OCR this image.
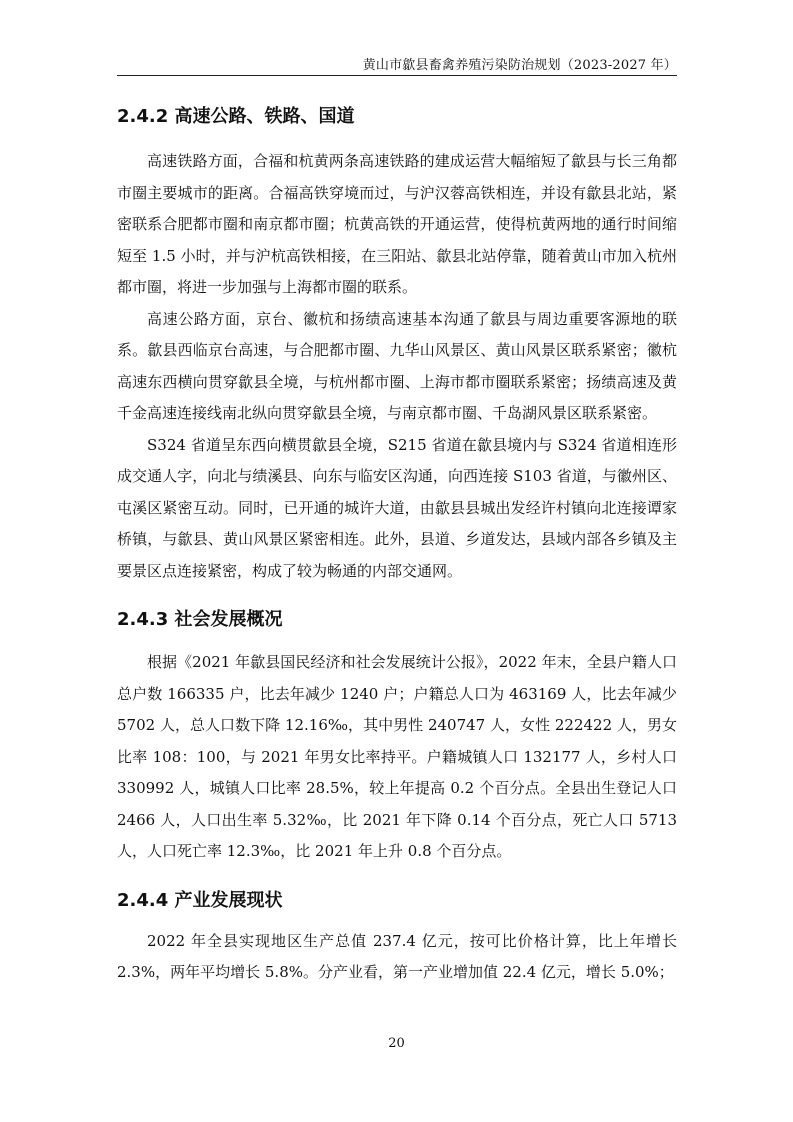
黄山市歙县畜禽养殖污染防治规划（2023-2027 年）
2.4.2 高速公路、铁路、国道

高速铁路方面，合福和杭黄两条高速铁路的建成运营大幅缩短了歙县与长三角都市圈主要城市的距离。合福高铁穿境而过，与沪汉蓉高铁相连，并设有歙县北站，紧密联系合肥都市圈和南京都市圈；杭黄高铁的开通运营，使得杭黄两地的通行时间缩短至 1.5 小时，并与沪杭高铁相接，在三阳站、歙县北站停靠，随着黄山市加入杭州都市圈，将进一步加强与上海都市圈的联系。

高速公路方面，京台、徽杭和扬绩高速基本沟通了歙县与周边重要客源地的联系。歙县西临京台高速，与合肥都市圈、九华山风景区、黄山风景区联系紧密；徽杭高速东西横向贯穿歙县全境，与杭州都市圈、上海市都市圈联系紧密；扬绩高速及黄千金高速连接线南北纵向贯穿歙县全境，与南京都市圈、千岛湖风景区联系紧密。

S324 省道呈东西向横贯歙县全境，S215 省道在歙县境内与 S324 省道相连形成交通人字，向北与绩溪县、向东与临安区沟通，向西连接 S103 省道，与徽州区、屯溪区紧密互动。同时，已开通的城许大道，由歙县县城出发经许村镇向北连接谭家桥镇，与歙县、黄山风景区紧密相连。此外，县道、乡道发达，县域内部各乡镇及主要景区点连接紧密，构成了较为畅通的内部交通网。

2.4.3 社会发展概况

根据《2021 年歙县国民经济和社会发展统计公报》，2022 年末，全县户籍人口总户数 166335 户，比去年减少 1240 户；户籍总人口为 463169 人，比去年减少 5702 人，总人口数下降 12.16‰，其中男性 240747 人，女性 222422 人，男女比率 108：100，与 2021 年男女比率持平。户籍城镇人口 132177 人，乡村人口 330992 人，城镇人口比率 28.5%，较上年提高 0.2 个百分点。全县出生登记人口 2466 人，人口出生率 5.32‰，比 2021 年下降 0.14 个百分点，死亡人口 5713 人，人口死亡率 12.3‰，比 2021 年上升 0.8 个百分点。

2.4.4 产业发展现状

2022 年全县实现地区生产总值 237.4 亿元，按可比价格计算，比上年增长 2.3%，两年平均增长 5.8%。分产业看，第一产业增加值 22.4 亿元，增长 5.0%；

20
